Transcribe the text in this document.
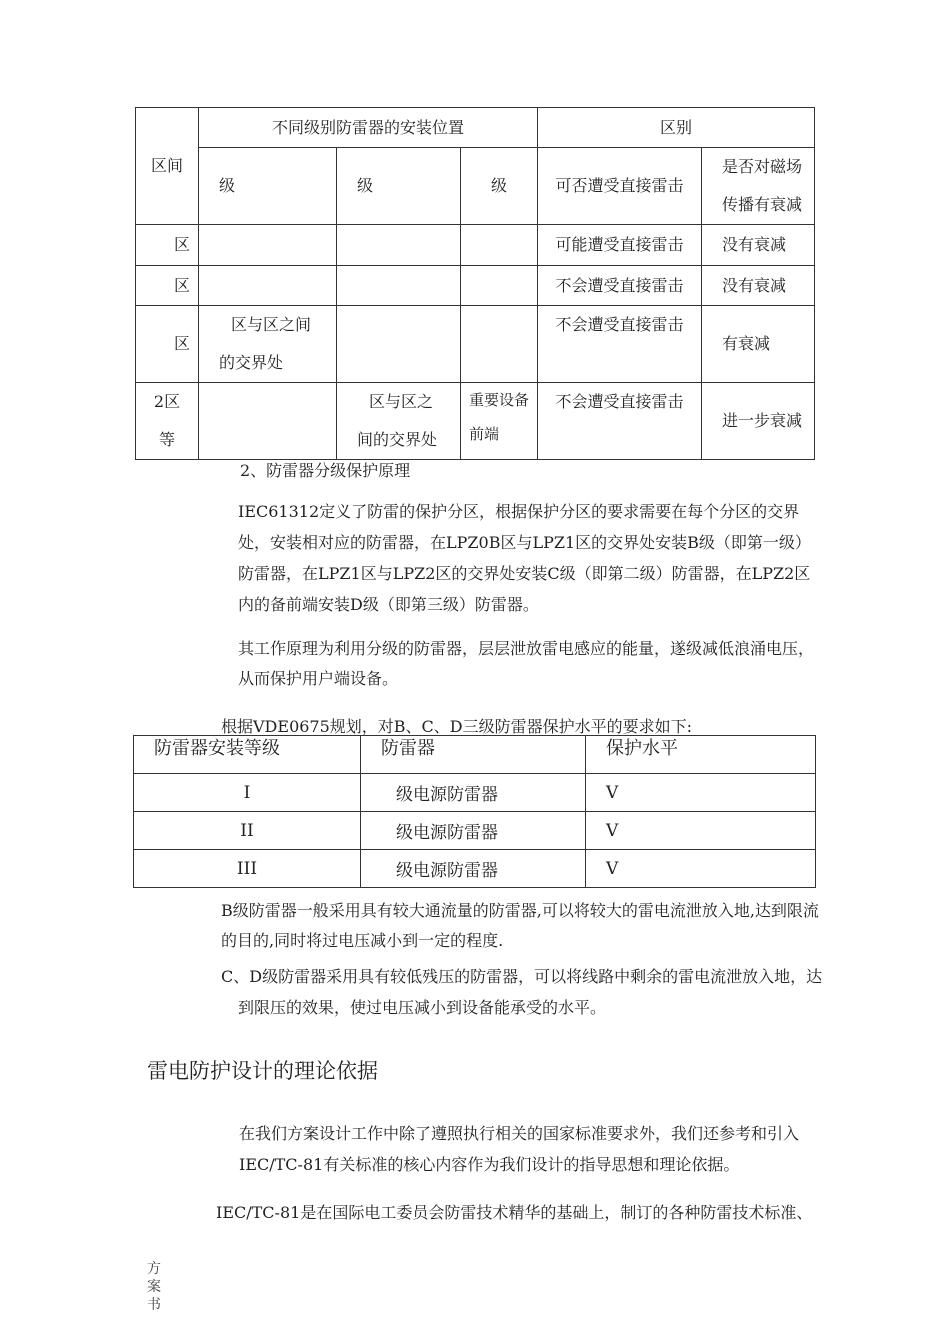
区间	不同级别防雷器的安装位置			区别	
	级	级	级	可否遭受直接雷击	是否对磁场传播有衰减
区				可能遭受直接雷击	没有衰减
区				不会遭受直接雷击	没有衰减
区	区与区之间的交界处			不会遭受直接雷击	有衰减
2区等		区与区之间的交界处	重要设备前端	不会遭受直接雷击	进一步衰减
2、防雷器分级保护原理
IEC61312定义了防雷的保护分区，根据保护分区的要求需要在每个分区的交界处，安装相对应的防雷器，在LPZ0B区与LPZ1区的交界处安装B级（即第一级）防雷器，在LPZ1区与LPZ2区的交界处安装C级（即第二级）防雷器，在LPZ2区内的备前端安装D级（即第三级）防雷器。
其工作原理为利用分级的防雷器，层层泄放雷电感应的能量，遂级减低浪涌电压，从而保护用户端设备。
根据VDE0675规划，对B、C、D三级防雷器保护水平的要求如下:
防雷器安装等级	防雷器	保护水平
I	级电源防雷器	V
II	级电源防雷器	V
III	级电源防雷器	V
B级防雷器一般采用具有较大通流量的防雷器,可以将较大的雷电流泄放入地,达到限流的目的,同时将过电压减小到一定的程度.
C、D级防雷器采用具有较低残压的防雷器，可以将线路中剩余的雷电流泄放入地，达到限压的效果，使过电压减小到设备能承受的水平。
雷电防护设计的理论依据
在我们方案设计工作中除了遵照执行相关的国家标准要求外，我们还参考和引入IEC/TC-81有关标准的核心内容作为我们设计的指导思想和理论依据。
IEC/TC-81是在国际电工委员会防雷技术精华的基础上，制订的各种防雷技术标准、
方案书
